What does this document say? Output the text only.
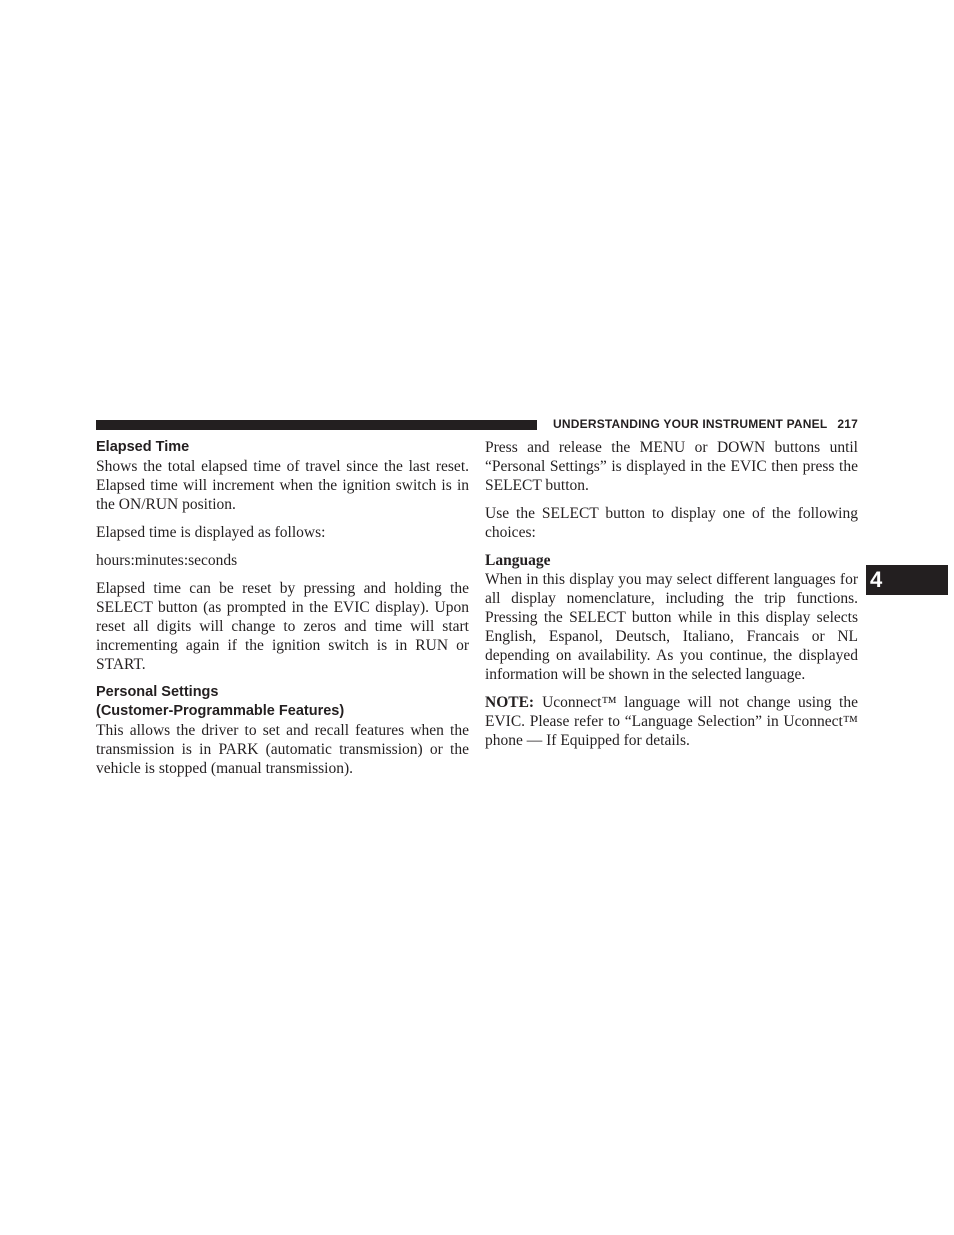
UNDERSTANDING YOUR INSTRUMENT PANEL 217
Elapsed Time

Shows the total elapsed time of travel since the last reset. Elapsed time will increment when the ignition switch is in the ON/RUN position.

Elapsed time is displayed as follows:

hours:minutes:seconds

Elapsed time can be reset by pressing and holding the SELECT button (as prompted in the EVIC display). Upon reset all digits will change to zeros and time will start incrementing again if the ignition switch is in RUN or START.

Personal Settings
(Customer-Programmable Features)

This allows the driver to set and recall features when the transmission is in PARK (automatic transmission) or the vehicle is stopped (manual transmission).

Press and release the MENU or DOWN buttons until “Personal Settings” is displayed in the EVIC then press the SELECT button.

Use the SELECT button to display one of the following choices:

Language

When in this display you may select different languages for all display nomenclature, including the trip functions. Pressing the SELECT button while in this display selects English, Espanol, Deutsch, Italiano, Francais or NL depending on availability. As you continue, the displayed information will be shown in the selected language.

NOTE: Uconnect™ language will not change using the EVIC. Please refer to “Language Selection” in Uconnect™ phone — If Equipped for details.

4
